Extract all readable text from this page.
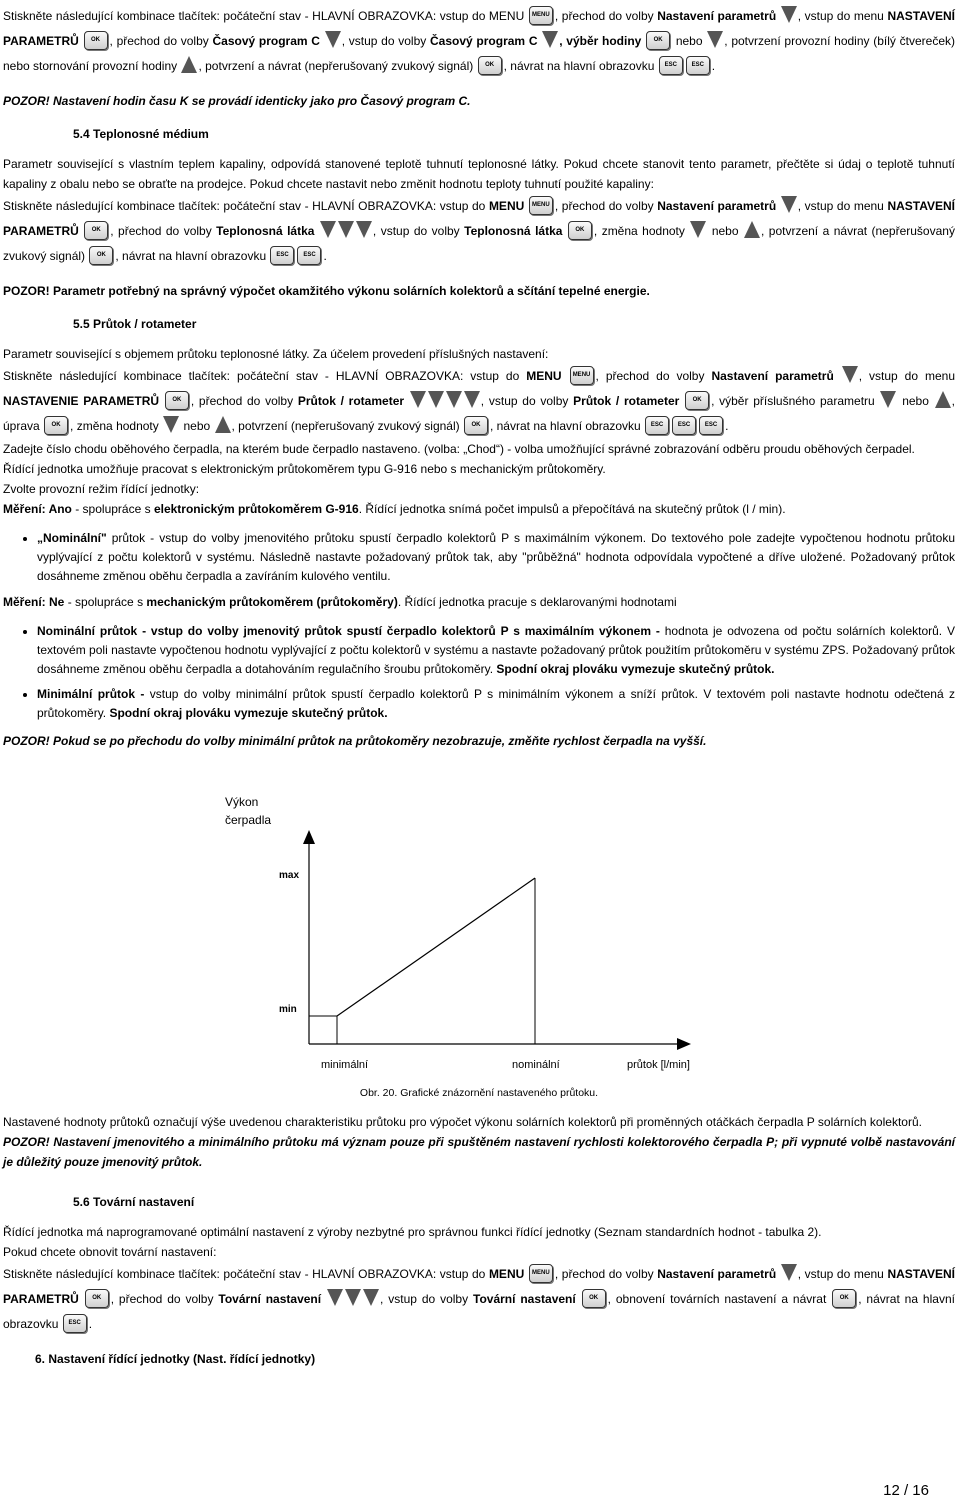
Stiskněte následující kombinace tlačítek: počáteční stav - HLAVNÍ OBRAZOVKA: vstup do MENU MENU , přechod do volby Nastavení parametrů , vstup do menu NASTAVENÍ PARAMETRŮ OK , přechod do volby Časový program C , vstup do volby Časový program C , výběr hodiny OK nebo , potvrzení provozní hodiny (bílý čtvereček) nebo stornování provozní hodiny , potvrzení a návrat (nepřerušovaný zvukový signál) OK , návrat na hlavní obrazovku ESC ESC .

POZOR! Nastavení hodin času K se provádí identicky jako pro Časový program C.

5.4 Teplonosné médium

Parametr související s vlastním teplem kapaliny, odpovídá stanovené teplotě tuhnutí teplonosné látky. Pokud chcete stanovit tento parametr, přečtěte si údaj o teplotě tuhnutí kapaliny z obalu nebo se obraťte na prodejce. Pokud chcete nastavit nebo změnit hodnotu teploty tuhnutí použité kapaliny:

Stiskněte následující kombinace tlačítek: počáteční stav - HLAVNÍ OBRAZOVKA: vstup do MENU MENU , přechod do volby Nastavení parametrů , vstup do menu NASTAVENÍ PARAMETRŮ OK , přechod do volby Teplonosná látka	, vstup do volby Teplonosná látka OK , změna hodnoty nebo , potvrzení a návrat (nepřerušovaný zvukový signál) OK , návrat na hlavní obrazovku ESC ESC .

POZOR! Parametr potřebný na správný výpočet okamžitého výkonu solárních kolektorů a sčítání tepelné energie.

5.5 Průtok / rotameter

Parametr související s objemem průtoku teplonosné látky. Za účelem provedení příslušných nastavení:

Stiskněte následující kombinace tlačítek: počáteční stav - HLAVNÍ OBRAZOVKA: vstup do MENU MENU , přechod do volby Nastavení parametrů , vstup do menu NASTAVENIE PARAMETRŮ OK , přechod do volby Průtok / rotameter	, vstup do volby Průtok / rotameter OK , výběr příslušného parametru nebo , úprava OK , změna hodnoty nebo , potvrzení (nepřerušovaný zvukový signál) OK , návrat na hlavní obrazovku ESC ESC ESC .

Zadejte číslo chodu oběhového čerpadla, na kterém bude čerpadlo nastaveno. (volba: „Chod“) - volba umožňující správné zobrazování odběru proudu oběhových čerpadel.

Řídící jednotka umožňuje pracovat s elektronickým průtokoměrem typu G-916 nebo s mechanickým průtokoměry.

Zvolte provozní režim řídící jednotky:

Měření: Ano - spolupráce s elektronickým průtokoměrem G-916. Řídící jednotka snímá počet impulsů a přepočítává na skutečný průtok (l / min).

• „Nominální" průtok - vstup do volby jmenovitého průtoku spustí čerpadlo kolektorů P s maximálním výkonem. Do textového pole zadejte vypočtenou hodnotu průtoku vyplývající z počtu kolektorů v systému. Následně nastavte požadovaný průtok tak, aby "průběžná" hodnota odpovídala vypočtené a dříve uložené. Požadovaný průtok dosáhneme změnou oběhu čerpadla a zavíráním kulového ventilu.

Měření: Ne - spolupráce s mechanickým průtokoměrem (průtokoměry). Řídící jednotka pracuje s deklarovanými hodnotami

• Nominální průtok - vstup do volby jmenovitý průtok spustí čerpadlo kolektorů P s maximálním výkonem - hodnota je odvozena od počtu solárních kolektorů. V textovém poli nastavte vypočtenou hodnotu vyplývající z počtu kolektorů v systému a nastavte požadovaný průtok použitím průtokoměru v systému ZPS. Požadovaný průtok dosáhneme změnou oběhu čerpadla a dotahováním regulačního šroubu průtokoměry. Spodní okraj plováku vymezuje skutečný průtok.
• Minimální průtok - vstup do volby minimální průtok spustí čerpadlo kolektorů P s minimálním výkonem a sníží průtok. V textovém poli nastavte hodnotu odečtená z průtokoměry. Spodní okraj plováku vymezuje skutečný průtok.

POZOR! Pokud se po přechodu do volby minimální průtok na průtokoměry nezobrazuje, změňte rychlost čerpadla na vyšší.

Výkon
čerpadla
max
min
minimální	nominální	průtok [l/min]

Obr. 20. Grafické znázornění nastaveného průtoku.

Nastavené hodnoty průtoků označují výše uvedenou charakteristiku průtoku pro výpočet výkonu solárních kolektorů při proměnných otáčkách čerpadla P solárních kolektorů.

POZOR! Nastavení jmenovitého a minimálního průtoku má význam pouze při spuštěném nastavení rychlosti kolektorového čerpadla P; při vypnuté volbě nastavování je důležitý pouze jmenovitý průtok.

5.6 Tovární nastavení

Řídící jednotka má naprogramované optimální nastavení z výroby nezbytné pro správnou funkci řídící jednotky (Seznam standardních hodnot - tabulka 2).

Pokud chcete obnovit tovární nastavení:

Stiskněte následující kombinace tlačítek: počáteční stav - HLAVNÍ OBRAZOVKA: vstup do MENU MENU , přechod do volby Nastavení parametrů , vstup do menu NASTAVENÍ PARAMETRŮ OK , přechod do volby Tovární nastavení	, vstup do volby Tovární nastavení OK , obnovení továrních nastavení a návrat OK , návrat na hlavní obrazovku ESC .

6. Nastavení řídící jednotky (Nast. řídící jednotky)

12 / 16
